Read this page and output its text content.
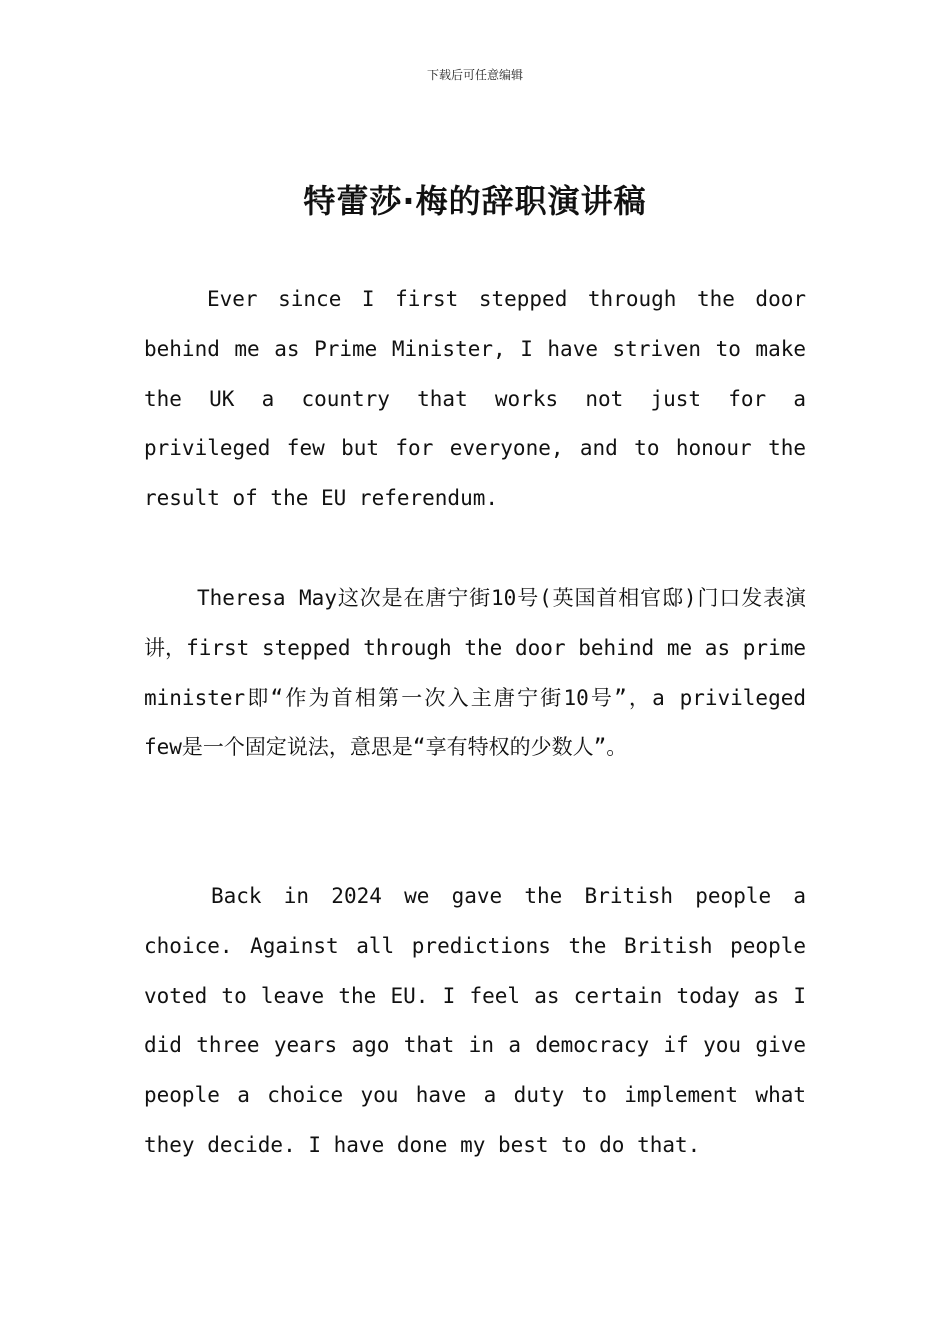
下载后可任意编辑
特蕾莎·梅的辞职演讲稿

Ever since I first stepped through the door behind me as Prime Minister, I have striven to make the UK a country that works not just for a privileged few but for everyone, and to honour the result of the EU referendum.

Theresa May这次是在唐宁街10号(英国首相官邸)门口发表演讲，first stepped through the door behind me as prime minister即“作为首相第一次入主唐宁街10号”，a privileged few是一个固定说法，意思是“享有特权的少数人”。

Back in 2024 we gave the British people a choice. Against all predictions the British people voted to leave the EU. I feel as certain today as I did three years ago that in a democracy if you give people a choice you have a duty to implement what they decide. I have done my best to do that.
